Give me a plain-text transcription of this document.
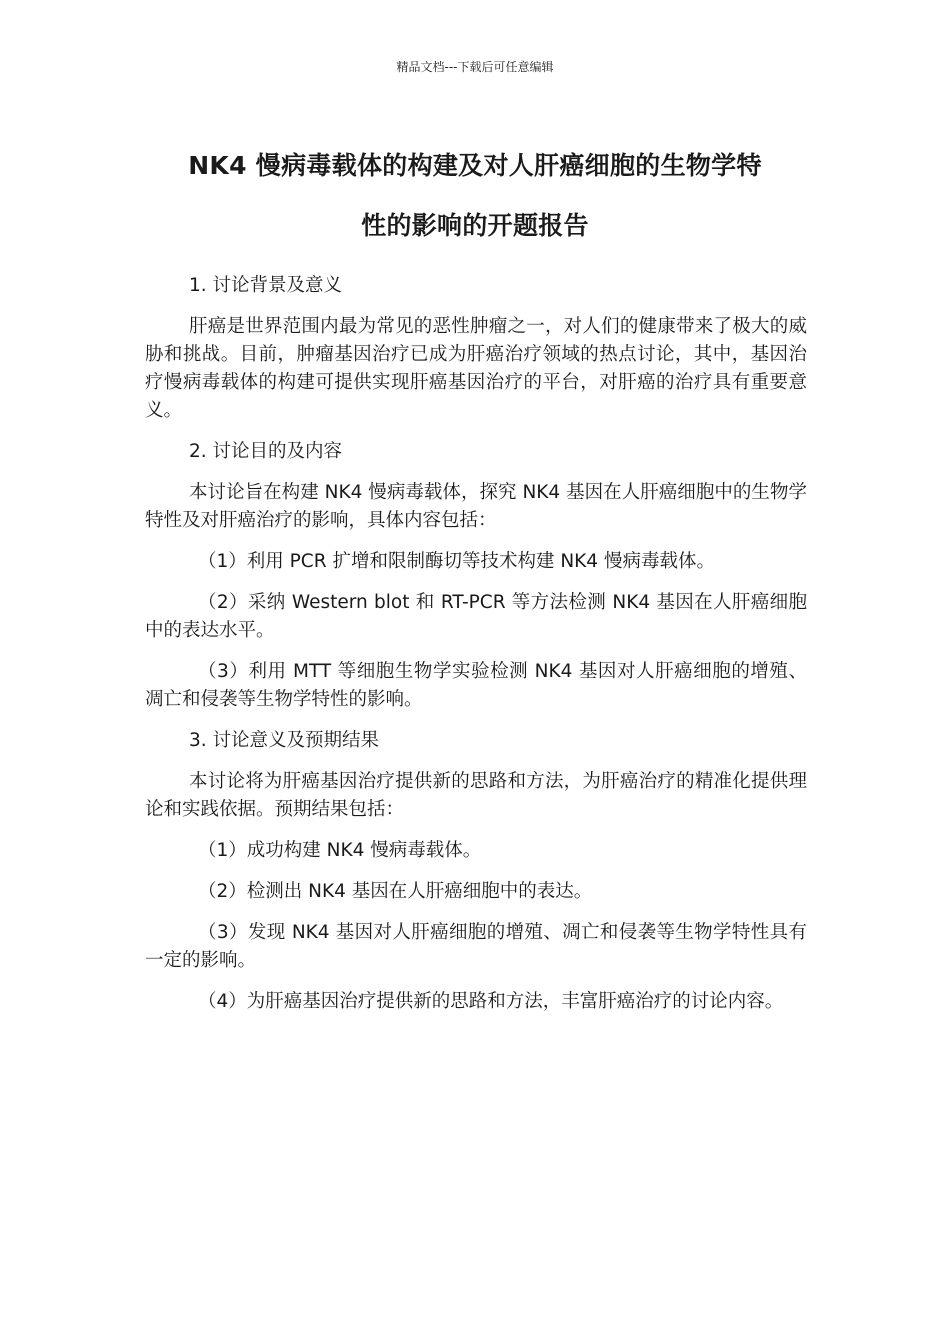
精品文档---下载后可任意编辑

NK4 慢病毒载体的构建及对人肝癌细胞的生物学特

性的影响的开题报告

1. 讨论背景及意义

肝癌是世界范围内最为常见的恶性肿瘤之一，对人们的健康带来了极大的威胁和挑战。目前，肿瘤基因治疗已成为肝癌治疗领域的热点讨论，其中，基因治疗慢病毒载体的构建可提供实现肝癌基因治疗的平台，对肝癌的治疗具有重要意义。

2. 讨论目的及内容

本讨论旨在构建 NK4 慢病毒载体，探究 NK4 基因在人肝癌细胞中的生物学特性及对肝癌治疗的影响，具体内容包括：

（1）利用 PCR 扩增和限制酶切等技术构建 NK4 慢病毒载体。

（2）采纳 Western blot 和 RT-PCR 等方法检测 NK4 基因在人肝癌细胞中的表达水平。

（3）利用 MTT 等细胞生物学实验检测 NK4 基因对人肝癌细胞的增殖、凋亡和侵袭等生物学特性的影响。

3. 讨论意义及预期结果

本讨论将为肝癌基因治疗提供新的思路和方法，为肝癌治疗的精准化提供理论和实践依据。预期结果包括：

（1）成功构建 NK4 慢病毒载体。

（2）检测出 NK4 基因在人肝癌细胞中的表达。

（3）发现 NK4 基因对人肝癌细胞的增殖、凋亡和侵袭等生物学特性具有一定的影响。

（4）为肝癌基因治疗提供新的思路和方法，丰富肝癌治疗的讨论内容。
